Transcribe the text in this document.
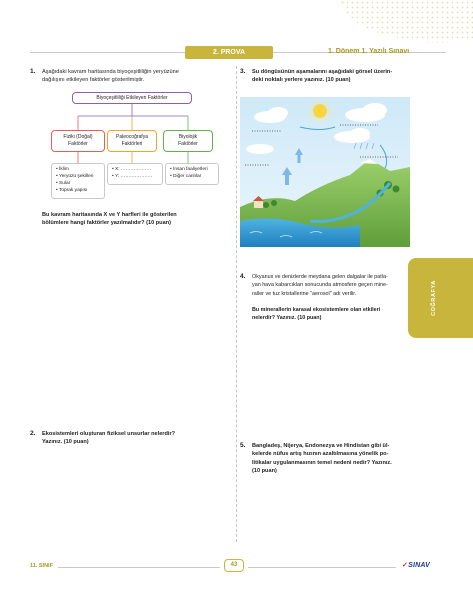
2. PROVA	1. Dönem 1. Yazılı Sınavı
COĞRAFYA
1. Aşağıdaki kavram haritasında biyoçeşitliliğin yeryüzüne
dağılışını etkileyen faktörler gösterilmiştir.
Biyoçeşitliliği Etkileyen Faktörler
Fiziki (Doğal)
Faktörler
Paleocoğrafya
Faktörleri
Biyolojik
Faktörler
• İklim
• Yeryüzü şekilleri
• Sular
• Toprak yapısı
• X: ……………….
• Y: ………………..
• İnsan faaliyetleri
• Diğer canlılar
Bu kavram haritasında X ve Y harfleri ile gösterilen
bölümlere hangi faktörler yazılmalıdır? (10 puan)
2. Ekosistemleri oluşturan fiziksel unsurlar nelerdir?
Yazınız. (10 puan)
3. Su döngüsünün aşamalarını aşağıdaki görsel üzerin-
deki noktalı yerlere yazınız. (10 puan)
4. Okyanus ve denizlerde meydana gelen dalgalar ile patla-
yan hava kabarcıkları sonucunda atmosfere geçen mine-
raller ve tuz kristallerine "aerosol" adı verilir.
Bu minerallerin karasal ekosistemlere olan etkileri
nelerdir? Yazınız. (10 puan)
5. Bangladeş, Nijerya, Endonezya ve Hindistan gibi ül-
kelerde nüfus artış hızının azaltılmasına yönelik po-
litikalar uygulanmasının temel nedeni nedir? Yazınız.
(10 puan)
11. SINIF	43	✓SINAV
